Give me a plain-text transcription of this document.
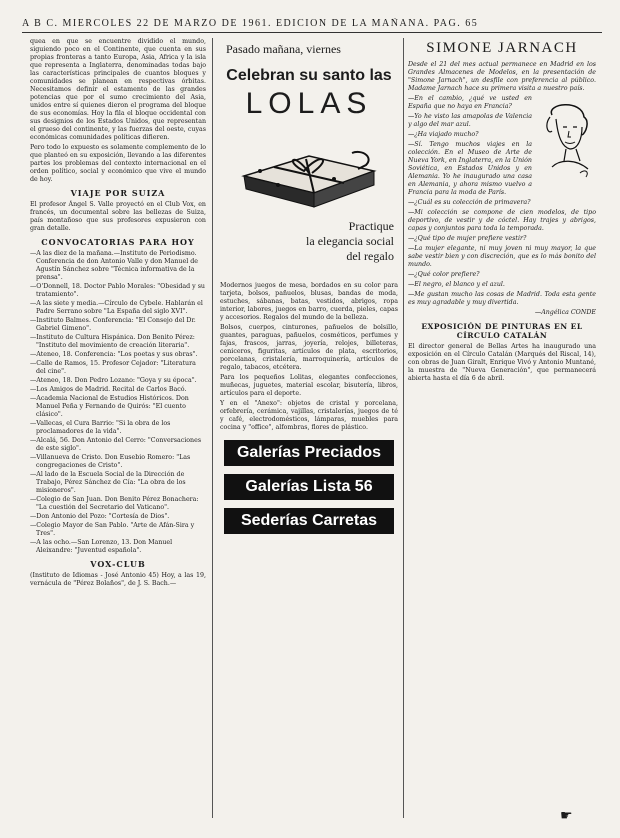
A B C. MIERCOLES 22 DE MARZO DE 1961. EDICION DE LA MAÑANA. PAG. 65

quea en que se encuentre dividido el mundo, siguiendo poco en el Continente, que cuenta en sus propias fronteras a tanto Europa, Asia, Africa y la isla que representa a Inglaterra, denominadas todas bajo las características principales de cuantos bloques y comunidades se planean en respectivas órbitas. Necesitamos definir el estamento de las grandes potencias que por el sumo crecimiento del Asia, unidos entre sí quienes dieron el programa del bloque de sus economías. Hoy la fila el bloque occidental con sus designios de los Estados Unidos, que representan el grueso del continente, y las fuerzas del oeste, cuyas económicas comunidades políticas difieren.

Pero todo lo expuesto es solamente complemento de lo que planteó en su exposición, llevando a las diferentes partes los problemas del contexto internacional en el orden político, social y económico que vive el mundo de hoy.

VIAJE POR SUIZA

El profesor Ángel S. Valle proyectó en el Club Vox, en francés, un documental sobre las bellezas de Suiza, país montañoso que sus profesores expusieron con gran detalle.

CONVOCATORIAS PARA HOY

— A las diez de la mañana.—Instituto de Periodismo. Conferencia de don Antonio Valle y don Manuel de Agustín Sánchez sobre "Técnica informativa de la prensa".

— O'Donnell, 18. Doctor Pablo Morales: "Obesidad y su tratamiento".

— A las siete y media.—Círculo de Cybele. Hablarán el Padre Serrano sobre "La España del siglo XVI".

— Instituto Balmes. Conferencia: "El Consejo del Dr. Gabriel Gimeno".

— Instituto de Cultura Hispánica. Don Benito Pérez: "Instituto del movimiento de creación literaria".

— Ateneo, 18. Conferencia: "Los poetas y sus obras".

— Calle de Ramos, 15. Profesor Cejador: "Literatura del cine".

— Ateneo, 18. Don Pedro Lozano: "Goya y su época".

— Los Amigos de Madrid. Recital de Carlos Bacó.

— Academia Nacional de Estudios Históricos. Don Manuel Peña y Fernando de Quirós: "El cuento clásico".

— Vallecas, el Cura Barrio: "Si la obra de los proclamadores de la vida".

— Alcalá, 56. Don Antonio del Cerro: "Conversaciones de este siglo".

— Villanueva de Cristo. Don Eusebio Romero: "Las congregaciones de Cristo".

— Al lado de la Escuela Social de la Dirección de Trabajo, Pérez Sánchez de Cía: "La obra de los misioneros".

— Colegio de San Juan. Don Benito Pérez Bonachera: "La cuestión del Secretario del Vaticano".

— Don Antonio del Pozo: "Cortesía de Dios".

— Colegio Mayor de San Pablo. "Arte de Afán-Sira y Tres".

— A las ocho.—San Lorenzo, 13. Don Manuel Aleixandre: "Juventud española".

VOX-CLUB

(Instituto de Idiomas - José Antonio 45) Hoy, a las 19, vernácula de "Pérez Bolaños", de J. S. Bach.—

Pasado mañana, viernes
Celebran su santo las
LOLAS
Practique
la elegancia social
del regalo

Modernos juegos de mesa, bordados en su color para tarjeta, bolsos, pañuelos, blusas, bandas de moda, estuches, sábanas, batas, vestidos, abrigos, ropa interior, labores, juegos en barro, cuerda, pieles, capas y accesorios. Regalos del mundo de la belleza.

Bolsos, cuerpos, cinturones, pañuelos de bolsillo, guantes, paraguas, pañuelos, cosméticos, perfumes y fajas, frascos, jarras, joyería, relojes, billeteras, ceniceros, figuritas, artículos de plata, escritorios, porcelanas, cristalería, marroquinería, artículos de regalo, tabacos, etcétera.

Para los pequeños Lolitas, elegantes confecciones, muñecas, juguetes, material escolar, bisutería, libros, artículos para el deporte.

Y en el "Anexo": objetos de cristal y porcelana, orfebrería, cerámica, vajillas, cristalerías, juegos de té y café, electrodomésticos, lámparas, muebles para cocina y "office", alfombras, flores de plástico.

Galerías Preciados
Galerías Lista 56
Sederías Carretas
SIMONE JARNACH

Desde el 21 del mes actual permanece en Madrid en los Grandes Almacenes de Modelos, en la presentación de "Simone Jarnach", un desfile con preferencia al público. Madame Jarnach hace su primera visita a nuestro país.

—En el cambio, ¿qué ve usted en España que no haya en Francia?

—Yo he visto las amapolas de Valencia y algo del mar azul.

—¿Ha viajado mucho?

—Sí. Tengo muchos viajes en la colección. En el Museo de Arte de Nueva York, en Inglaterra, en la Unión Soviética, en Estados Unidos y en Alemania. Yo he inaugurado una casa en Alemania, y ahora mismo vuelvo a Francia para la moda de París.

—¿Cuál es su colección de primavera?

—Mi colección se compone de cien modelos, de tipo deportivo, de vestir y de cóctel. Hay trajes y abrigos, capas y conjuntos para toda la temporada.

—¿Qué tipo de mujer prefiere vestir?

—La mujer elegante, ni muy joven ni muy mayor, la que sabe vestir bien y con discreción, que es lo más bonito del mundo.

—¿Qué color prefiere?

—El negro, el blanco y el azul.

—Me gustan mucho las cosas de Madrid. Toda esta gente es muy agradable y muy divertida.

—Angélica CONDE
EXPOSICIÓN DE PINTURAS EN EL CÍRCULO CATALÁN

El director general de Bellas Artes ha inaugurado una exposición en el Círculo Catalán (Marqués del Riscal, 14), con obras de Juan Giralt, Enrique Vivó y Antonio Muntané, la muestra de "Nueva Generación", que permanecerá abierta hasta el día 6 de abril.

☛
